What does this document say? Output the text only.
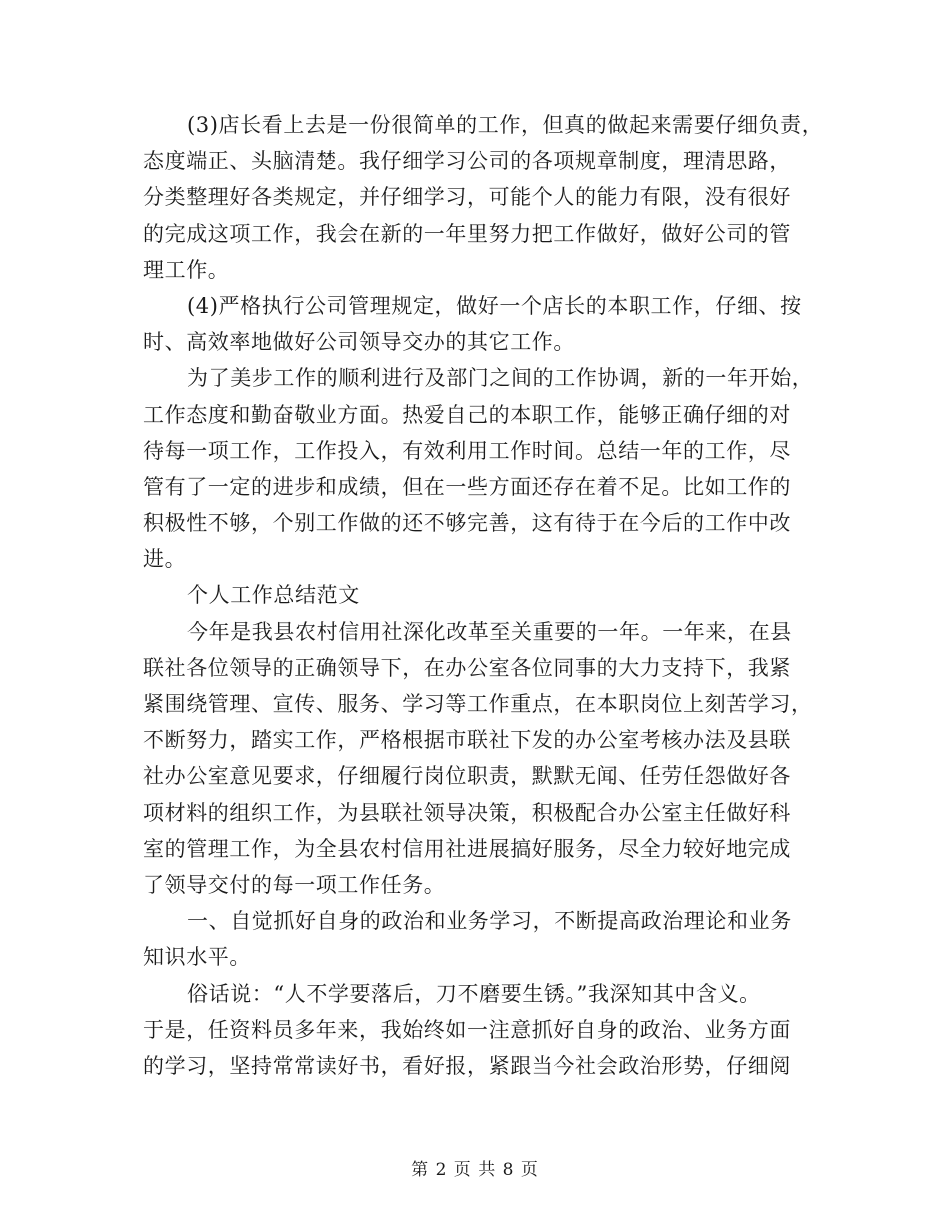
(3)店长看上去是一份很简单的工作，但真的做起来需要仔细负责，
态度端正、头脑清楚。我仔细学习公司的各项规章制度，理清思路，
分类整理好各类规定，并仔细学习，可能个人的能力有限，没有很好
的完成这项工作，我会在新的一年里努力把工作做好，做好公司的管
理工作。
(4)严格执行公司管理规定，做好一个店长的本职工作，仔细、按
时、高效率地做好公司领导交办的其它工作。
为了美步工作的顺利进行及部门之间的工作协调，新的一年开始，
工作态度和勤奋敬业方面。热爱自己的本职工作，能够正确仔细的对
待每一项工作，工作投入，有效利用工作时间。总结一年的工作，尽
管有了一定的进步和成绩，但在一些方面还存在着不足。比如工作的
积极性不够，个别工作做的还不够完善，这有待于在今后的工作中改
进。
个人工作总结范文
今年是我县农村信用社深化改革至关重要的一年。一年来，在县
联社各位领导的正确领导下，在办公室各位同事的大力支持下，我紧
紧围绕管理、宣传、服务、学习等工作重点，在本职岗位上刻苦学习，
不断努力，踏实工作，严格根据市联社下发的办公室考核办法及县联
社办公室意见要求，仔细履行岗位职责，默默无闻、任劳任怨做好各
项材料的组织工作，为县联社领导决策，积极配合办公室主任做好科
室的管理工作，为全县农村信用社进展搞好服务，尽全力较好地完成
了领导交付的每一项工作任务。
一、自觉抓好自身的政治和业务学习，不断提高政治理论和业务
知识水平。
俗话说：“人不学要落后，刀不磨要生锈。”我深知其中含义。
于是，任资料员多年来，我始终如一注意抓好自身的政治、业务方面
的学习，坚持常常读好书，看好报，紧跟当今社会政治形势，仔细阅
第 2 页 共 8 页
